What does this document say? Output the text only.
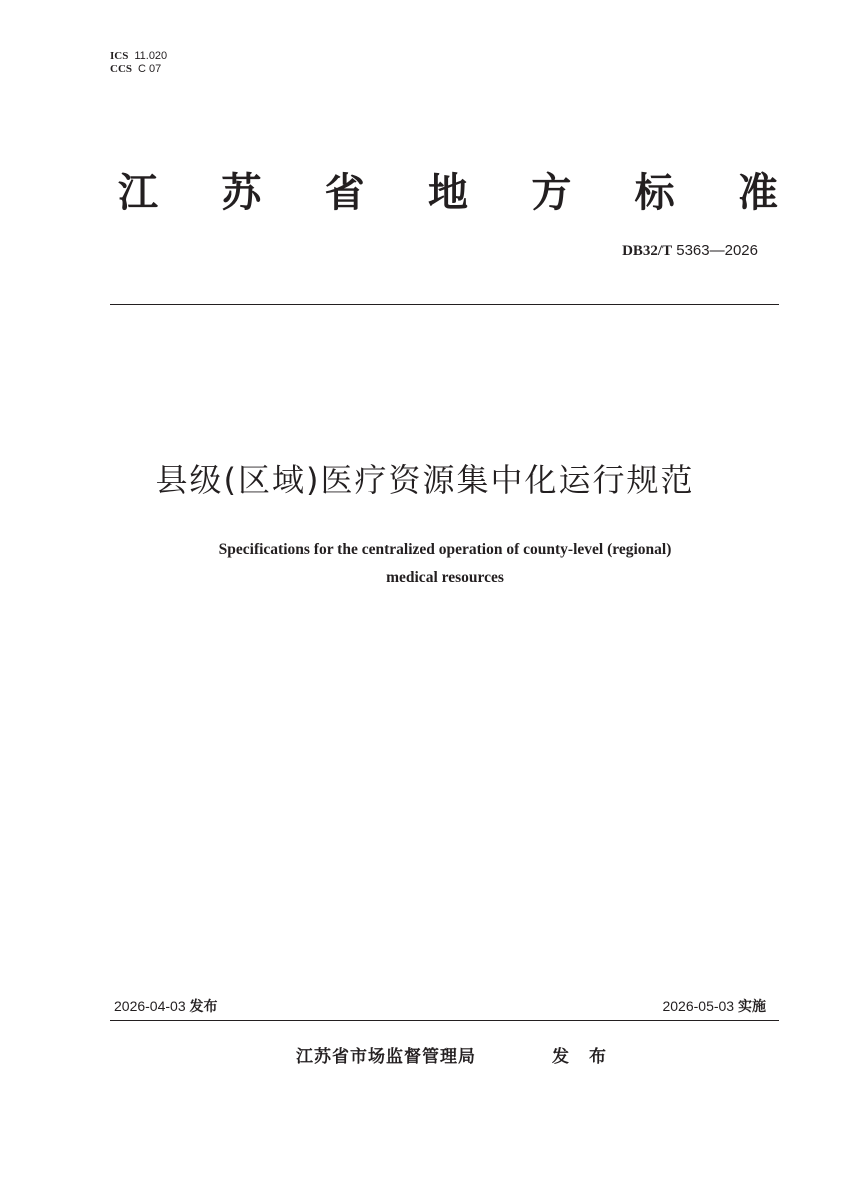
ICS 11.020
CCS C 07
江 苏 省 地 方 标 准
DB32/T 5363—2026
县级(区域)医疗资源集中化运行规范
Specifications for the centralized operation of county-level (regional)
medical resources
2026-04-03 发布	2026-05-03 实施
江苏省市场监督管理局	发布
